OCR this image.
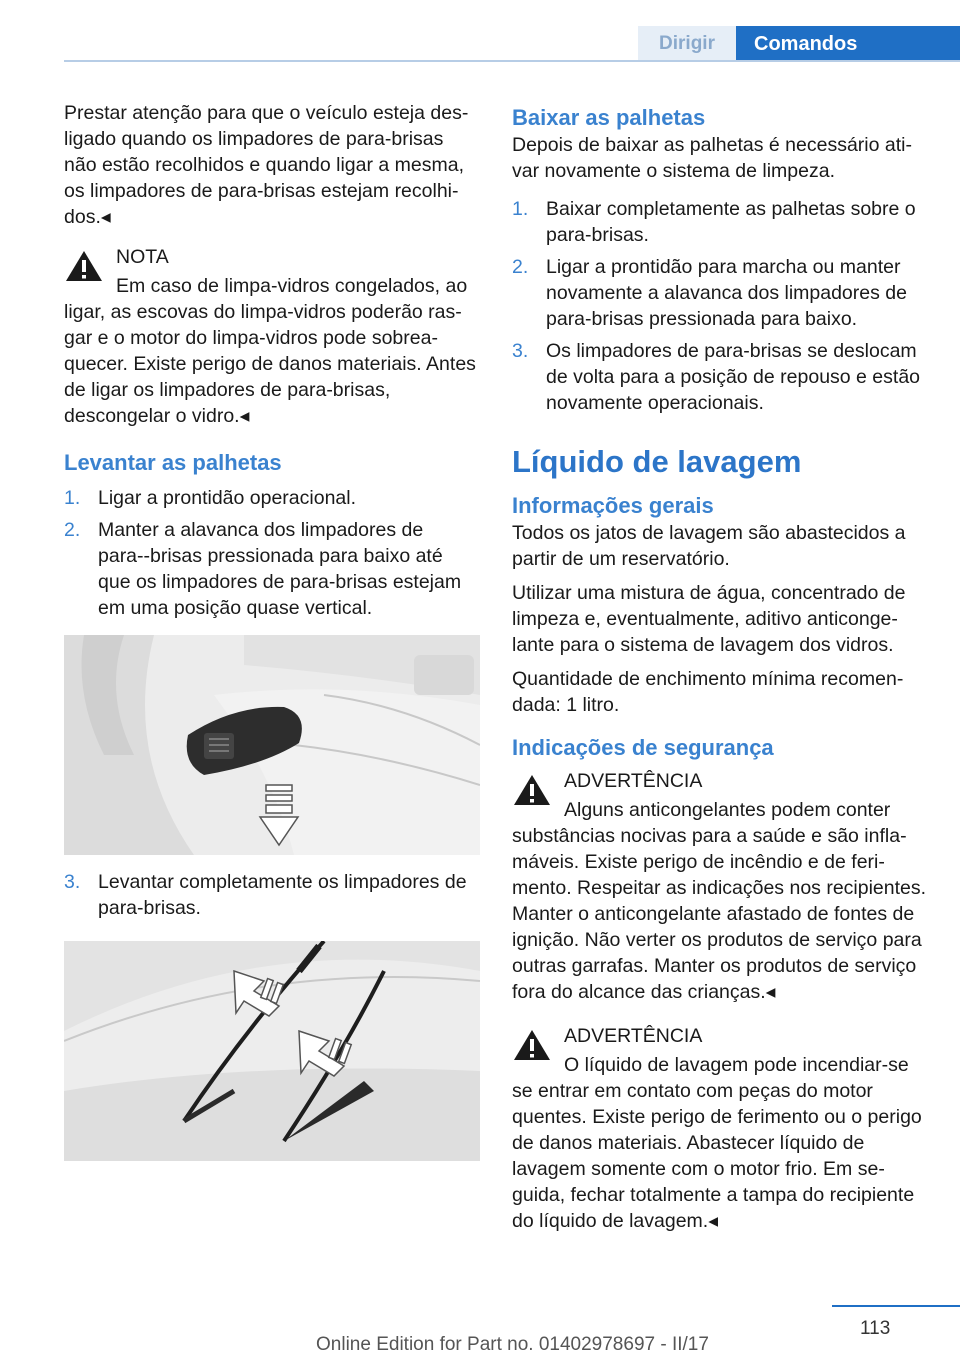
Dirigir	Comandos

Prestar atenção para que o veículo esteja desligado quando os limpadores de para-brisas não estão recolhidos e quando ligar a mesma, os limpadores de para-brisas estejam recolhidos.◂

NOTA
Em caso de limpa-vidros congelados, ao ligar, as escovas do limpa-vidros poderão rasgar e o motor do limpa-vidros pode sobreaquecer. Existe perigo de danos materiais. Antes de ligar os limpadores de para-brisas, descongelar o vidro.◂
Levantar as palhetas
1. Ligar a prontidão operacional.
2. Manter a alavanca dos limpadores de para--brisas pressionada para baixo até que os limpadores de para-brisas estejam em uma posição quase vertical.
3. Levantar completamente os limpadores de para-brisas.
Baixar as palhetas

Depois de baixar as palhetas é necessário ativar novamente o sistema de limpeza.

1. Baixar completamente as palhetas sobre o para-brisas.
2. Ligar a prontidão para marcha ou manter novamente a alavanca dos limpadores de para-brisas pressionada para baixo.
3. Os limpadores de para-brisas se deslocam de volta para a posição de repouso e estão novamente operacionais.
Líquido de lavagem
Informações gerais

Todos os jatos de lavagem são abastecidos a partir de um reservatório.

Utilizar uma mistura de água, concentrado de limpeza e, eventualmente, aditivo anticongelante para o sistema de lavagem dos vidros.

Quantidade de enchimento mínima recomendada: 1 litro.

Indicações de segurança
ADVERTÊNCIA
Alguns anticongelantes podem conter substâncias nocivas para a saúde e são inflamáveis. Existe perigo de incêndio e de ferimento. Respeitar as indicações nos recipientes. Manter o anticongelante afastado de fontes de ignição. Não verter os produtos de serviço para outras garrafas. Manter os produtos de serviço fora do alcance das crianças.◂
ADVERTÊNCIA
O líquido de lavagem pode incendiar-se se entrar em contato com peças do motor quentes. Existe perigo de ferimento ou o perigo de danos materiais. Abastecer líquido de lavagem somente com o motor frio. Em seguida, fechar totalmente a tampa do recipiente do líquido de lavagem.◂
113
Online Edition for Part no. 01402978697 - II/17
